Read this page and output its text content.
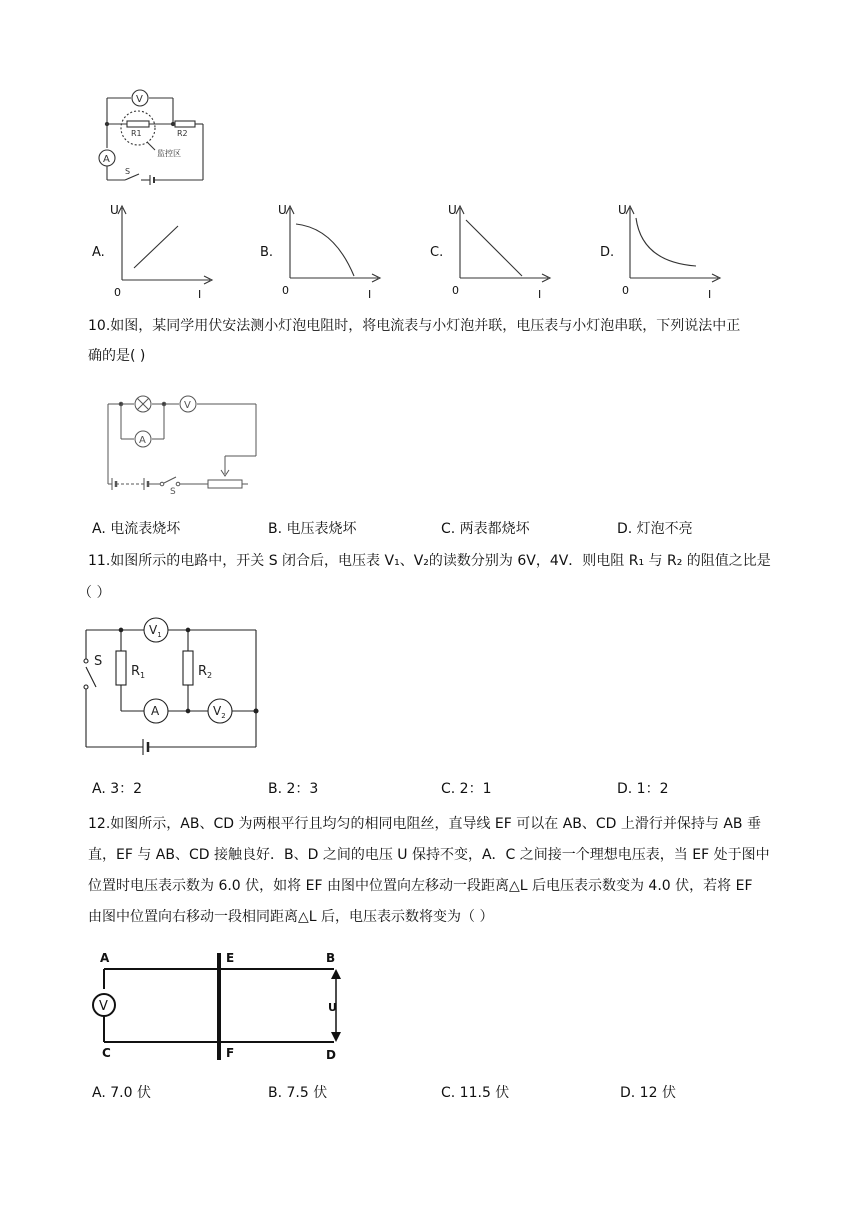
V
R1	R2
监控区
A
S
A.
U
0	I
B.
U
0	I
C.
U
0	I
D.
U
0	I
10.如图，某同学用伏安法测小灯泡电阻时，将电流表与小灯泡并联，电压表与小灯泡串联，下列说法中正
确的是( )
V
A
S
A. 电流表烧坏	B. 电压表烧坏	C. 两表都烧坏	D. 灯泡不亮
11.如图所示的电路中，开关 S 闭合后，电压表 V₁、V₂的读数分别为 6V，4V．则电阻 R₁ 与 R₂ 的阻值之比是
（ ）
S
$R_1$	$R_2$
$V_1$
$V_2$
A
A. 3：2	B. 2：3	C. 2：1	D. 1：2
12.如图所示，AB、CD 为两根平行且均匀的相同电阻丝，直导线 EF 可以在 AB、CD 上滑行并保持与 AB 垂
直，EF 与 AB、CD 接触良好．B、D 之间的电压 U 保持不变，A．C 之间接一个理想电压表，当 EF 处于图中
位置时电压表示数为 6.0 伏，如将 EF 由图中位置向左移动一段距离△L 后电压表示数变为 4.0 伏，若将 EF
由图中位置向右移动一段相同距离△L 后，电压表示数将变为（ ）
A
C
E
F
B
D
U
V
A. 7.0 伏	B. 7.5 伏	C. 11.5 伏	D. 12 伏
